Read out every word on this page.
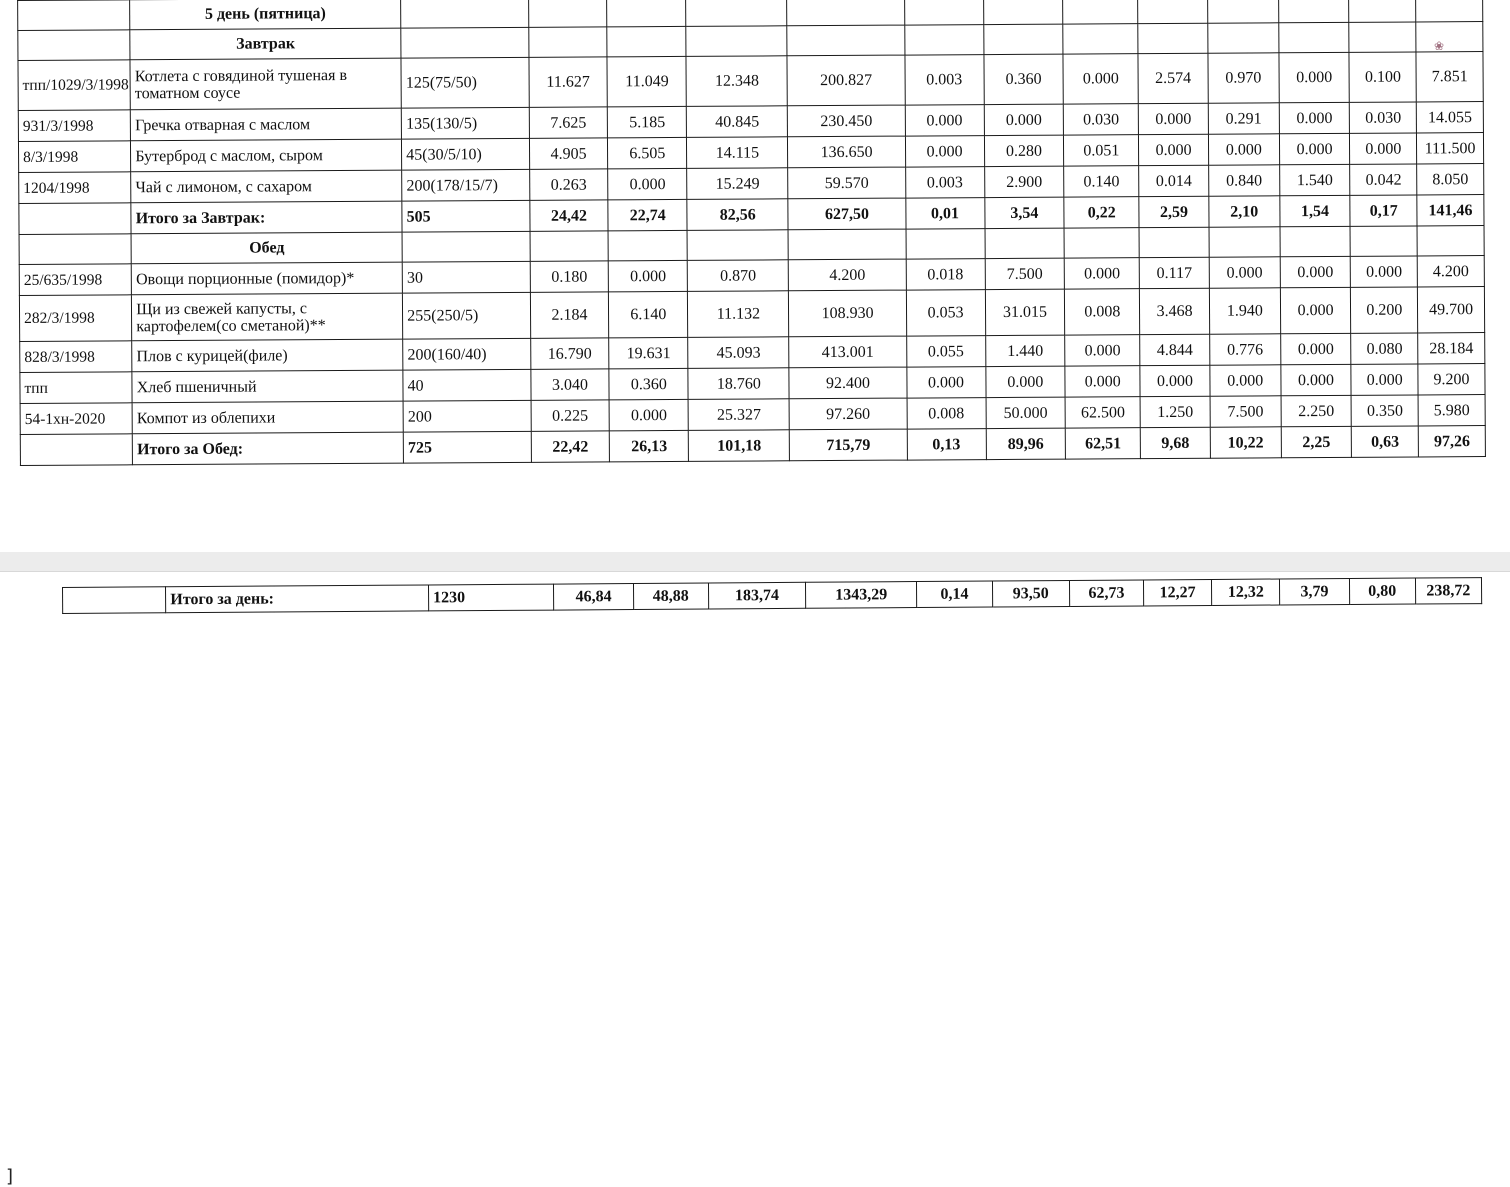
	5 день (пятница)													
	Завтрак													
тпп/1029/3/1998	Котлета с говядиной тушеная в томатном соусе	125(75/50)	11.627	11.049	12.348	200.827	0.003	0.360	0.000	2.574	0.970	0.000	0.100	7.851
931/3/1998	Гречка отварная с маслом	135(130/5)	7.625	5.185	40.845	230.450	0.000	0.000	0.030	0.000	0.291	0.000	0.030	14.055
8/3/1998	Бутерброд с маслом, сыром	45(30/5/10)	4.905	6.505	14.115	136.650	0.000	0.280	0.051	0.000	0.000	0.000	0.000	111.500
1204/1998	Чай с лимоном, с сахаром	200(178/15/7)	0.263	0.000	15.249	59.570	0.003	2.900	0.140	0.014	0.840	1.540	0.042	8.050
	Итого за Завтрак:	505	24,42	22,74	82,56	627,50	0,01	3,54	0,22	2,59	2,10	1,54	0,17	141,46
	Обед													
25/635/1998	Овощи порционные (помидор)*	30	0.180	0.000	0.870	4.200	0.018	7.500	0.000	0.117	0.000	0.000	0.000	4.200
282/3/1998	Щи из свежей капусты, с картофелем(со сметаной)**	255(250/5)	2.184	6.140	11.132	108.930	0.053	31.015	0.008	3.468	1.940	0.000	0.200	49.700
828/3/1998	Плов с курицей(филе)	200(160/40)	16.790	19.631	45.093	413.001	0.055	1.440	0.000	4.844	0.776	0.000	0.080	28.184
тпп	Хлеб пшеничный	40	3.040	0.360	18.760	92.400	0.000	0.000	0.000	0.000	0.000	0.000	0.000	9.200
54-1хн-2020	Компот из облепихи	200	0.225	0.000	25.327	97.260	0.008	50.000	62.500	1.250	7.500	2.250	0.350	5.980
	Итого за Обед:	725	22,42	26,13	101,18	715,79	0,13	89,96	62,51	9,68	10,22	2,25	0,63	97,26
❀
]
	Итого за день:	1230	46,84	48,88	183,74	1343,29	0,14	93,50	62,73	12,27	12,32	3,79	0,80	238,72
